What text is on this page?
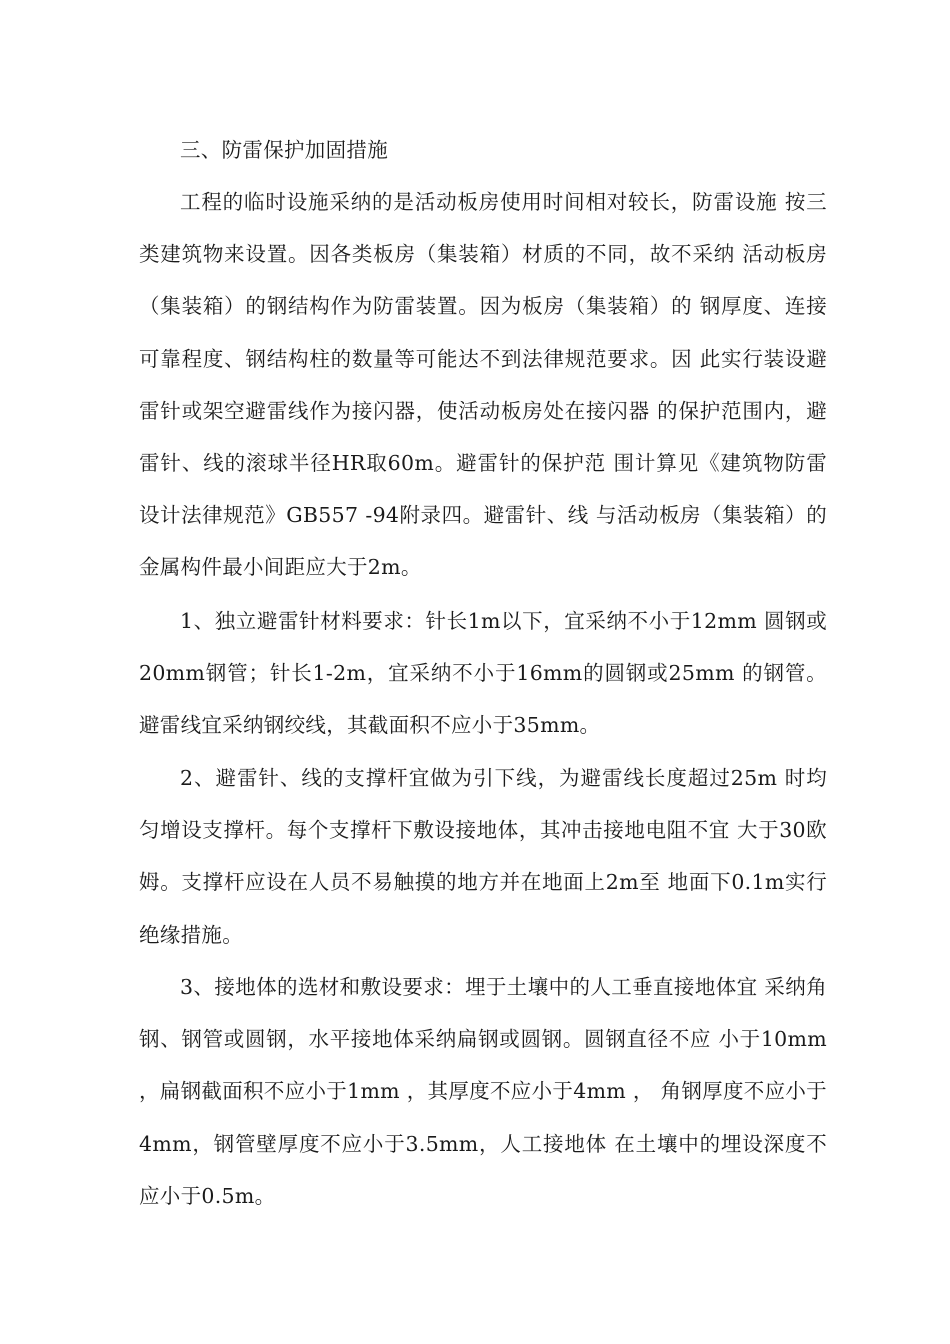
三、防雷保护加固措施

工程的临时设施采纳的是活动板房使用时间相对较长，防雷设施 按三类建筑物来设置。因各类板房（集装箱）材质的不同，故不采纳 活动板房（集装箱）的钢结构作为防雷装置。因为板房（集装箱）的 钢厚度、连接可靠程度、钢结构柱的数量等可能达不到法律规范要求。因 此实行装设避雷针或架空避雷线作为接闪器，使活动板房处在接闪器 的保护范围内，避雷针、线的滚球半径HR取60m。避雷针的保护范 围计算见《建筑物防雷设计法律规范》GB557 -94附录四。避雷针、线 与活动板房（集装箱）的金属构件最小间距应大于2m。

1、独立避雷针材料要求：针长1m以下，宜采纳不小于12mm 圆钢或20mm钢管；针长1-2m，宜采纳不小于16mm的圆钢或25mm 的钢管。避雷线宜采纳钢绞线，其截面积不应小于35mm。

2、避雷针、线的支撑杆宜做为引下线，为避雷线长度超过25m 时均匀增设支撑杆。每个支撑杆下敷设接地体，其冲击接地电阻不宜 大于30欧姆。支撑杆应设在人员不易触摸的地方并在地面上2m至 地面下0.1m实行绝缘措施。

3、接地体的选材和敷设要求：埋于土壤中的人工垂直接地体宜 采纳角钢、钢管或圆钢，水平接地体采纳扁钢或圆钢。圆钢直径不应 小于10mm ，扁钢截面积不应小于1mm ，其厚度不应小于4mm ， 角钢厚度不应小于4mm，钢管壁厚度不应小于3.5mm，人工接地体 在土壤中的埋设深度不应小于0.5m。
